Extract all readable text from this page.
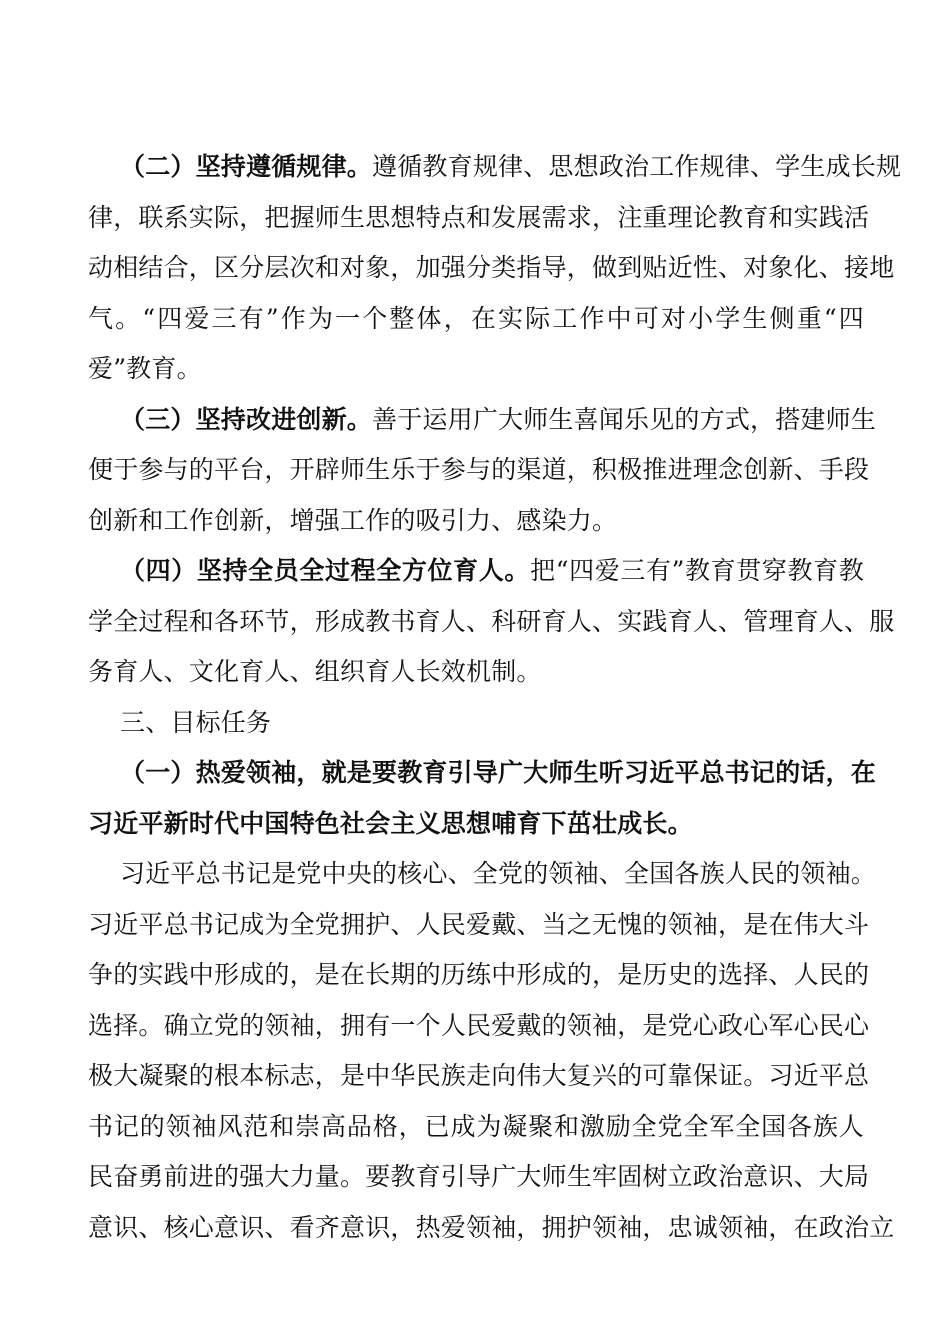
（二）坚持遵循规律。遵循教育规律、思想政治工作规律、学生成长规
律，联系实际，把握师生思想特点和发展需求，注重理论教育和实践活
动相结合，区分层次和对象，加强分类指导，做到贴近性、对象化、接地
气。“四爱三有”作为一个整体，在实际工作中可对小学生侧重“四
爱”教育。
（三）坚持改进创新。善于运用广大师生喜闻乐见的方式，搭建师生
便于参与的平台，开辟师生乐于参与的渠道，积极推进理念创新、手段
创新和工作创新，增强工作的吸引力、感染力。
（四）坚持全员全过程全方位育人。把“四爱三有”教育贯穿教育教
学全过程和各环节，形成教书育人、科研育人、实践育人、管理育人、服
务育人、文化育人、组织育人长效机制。
三、目标任务
（一）热爱领袖，就是要教育引导广大师生听习近平总书记的话，在
习近平新时代中国特色社会主义思想哺育下茁壮成长。
习近平总书记是党中央的核心、全党的领袖、全国各族人民的领袖。
习近平总书记成为全党拥护、人民爱戴、当之无愧的领袖，是在伟大斗
争的实践中形成的，是在长期的历练中形成的，是历史的选择、人民的
选择。确立党的领袖，拥有一个人民爱戴的领袖，是党心政心军心民心
极大凝聚的根本标志，是中华民族走向伟大复兴的可靠保证。习近平总
书记的领袖风范和崇高品格，已成为凝聚和激励全党全军全国各族人
民奋勇前进的强大力量。要教育引导广大师生牢固树立政治意识、大局
意识、核心意识、看齐意识，热爱领袖，拥护领袖，忠诚领袖，在政治立
